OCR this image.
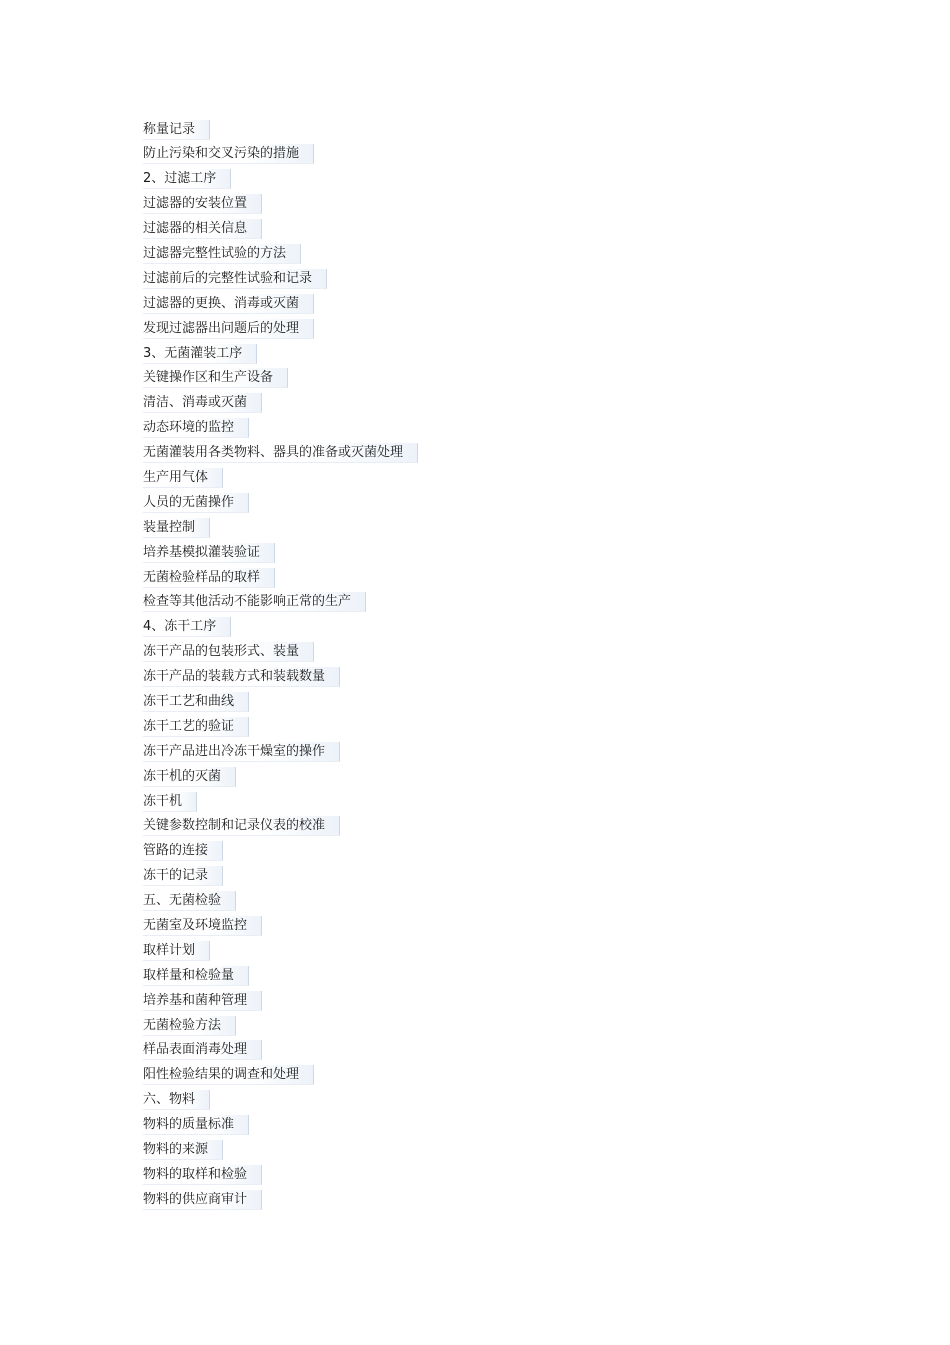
称量记录
防止污染和交叉污染的措施
2、过滤工序
过滤器的安装位置
过滤器的相关信息
过滤器完整性试验的方法
过滤前后的完整性试验和记录
过滤器的更换、消毒或灭菌
发现过滤器出问题后的处理
3、无菌灌装工序
关键操作区和生产设备
清洁、消毒或灭菌
动态环境的监控
无菌灌装用各类物料、器具的准备或灭菌处理
生产用气体
人员的无菌操作
装量控制
培养基模拟灌装验证
无菌检验样品的取样
检查等其他活动不能影响正常的生产
4、冻干工序
冻干产品的包装形式、装量
冻干产品的装载方式和装载数量
冻干工艺和曲线
冻干工艺的验证
冻干产品进出冷冻干燥室的操作
冻干机的灭菌
冻干机
关键参数控制和记录仪表的校准
管路的连接
冻干的记录
五、无菌检验
无菌室及环境监控
取样计划
取样量和检验量
培养基和菌种管理
无菌检验方法
样品表面消毒处理
阳性检验结果的调查和处理
六、物料
物料的质量标准
物料的来源
物料的取样和检验
物料的供应商审计
